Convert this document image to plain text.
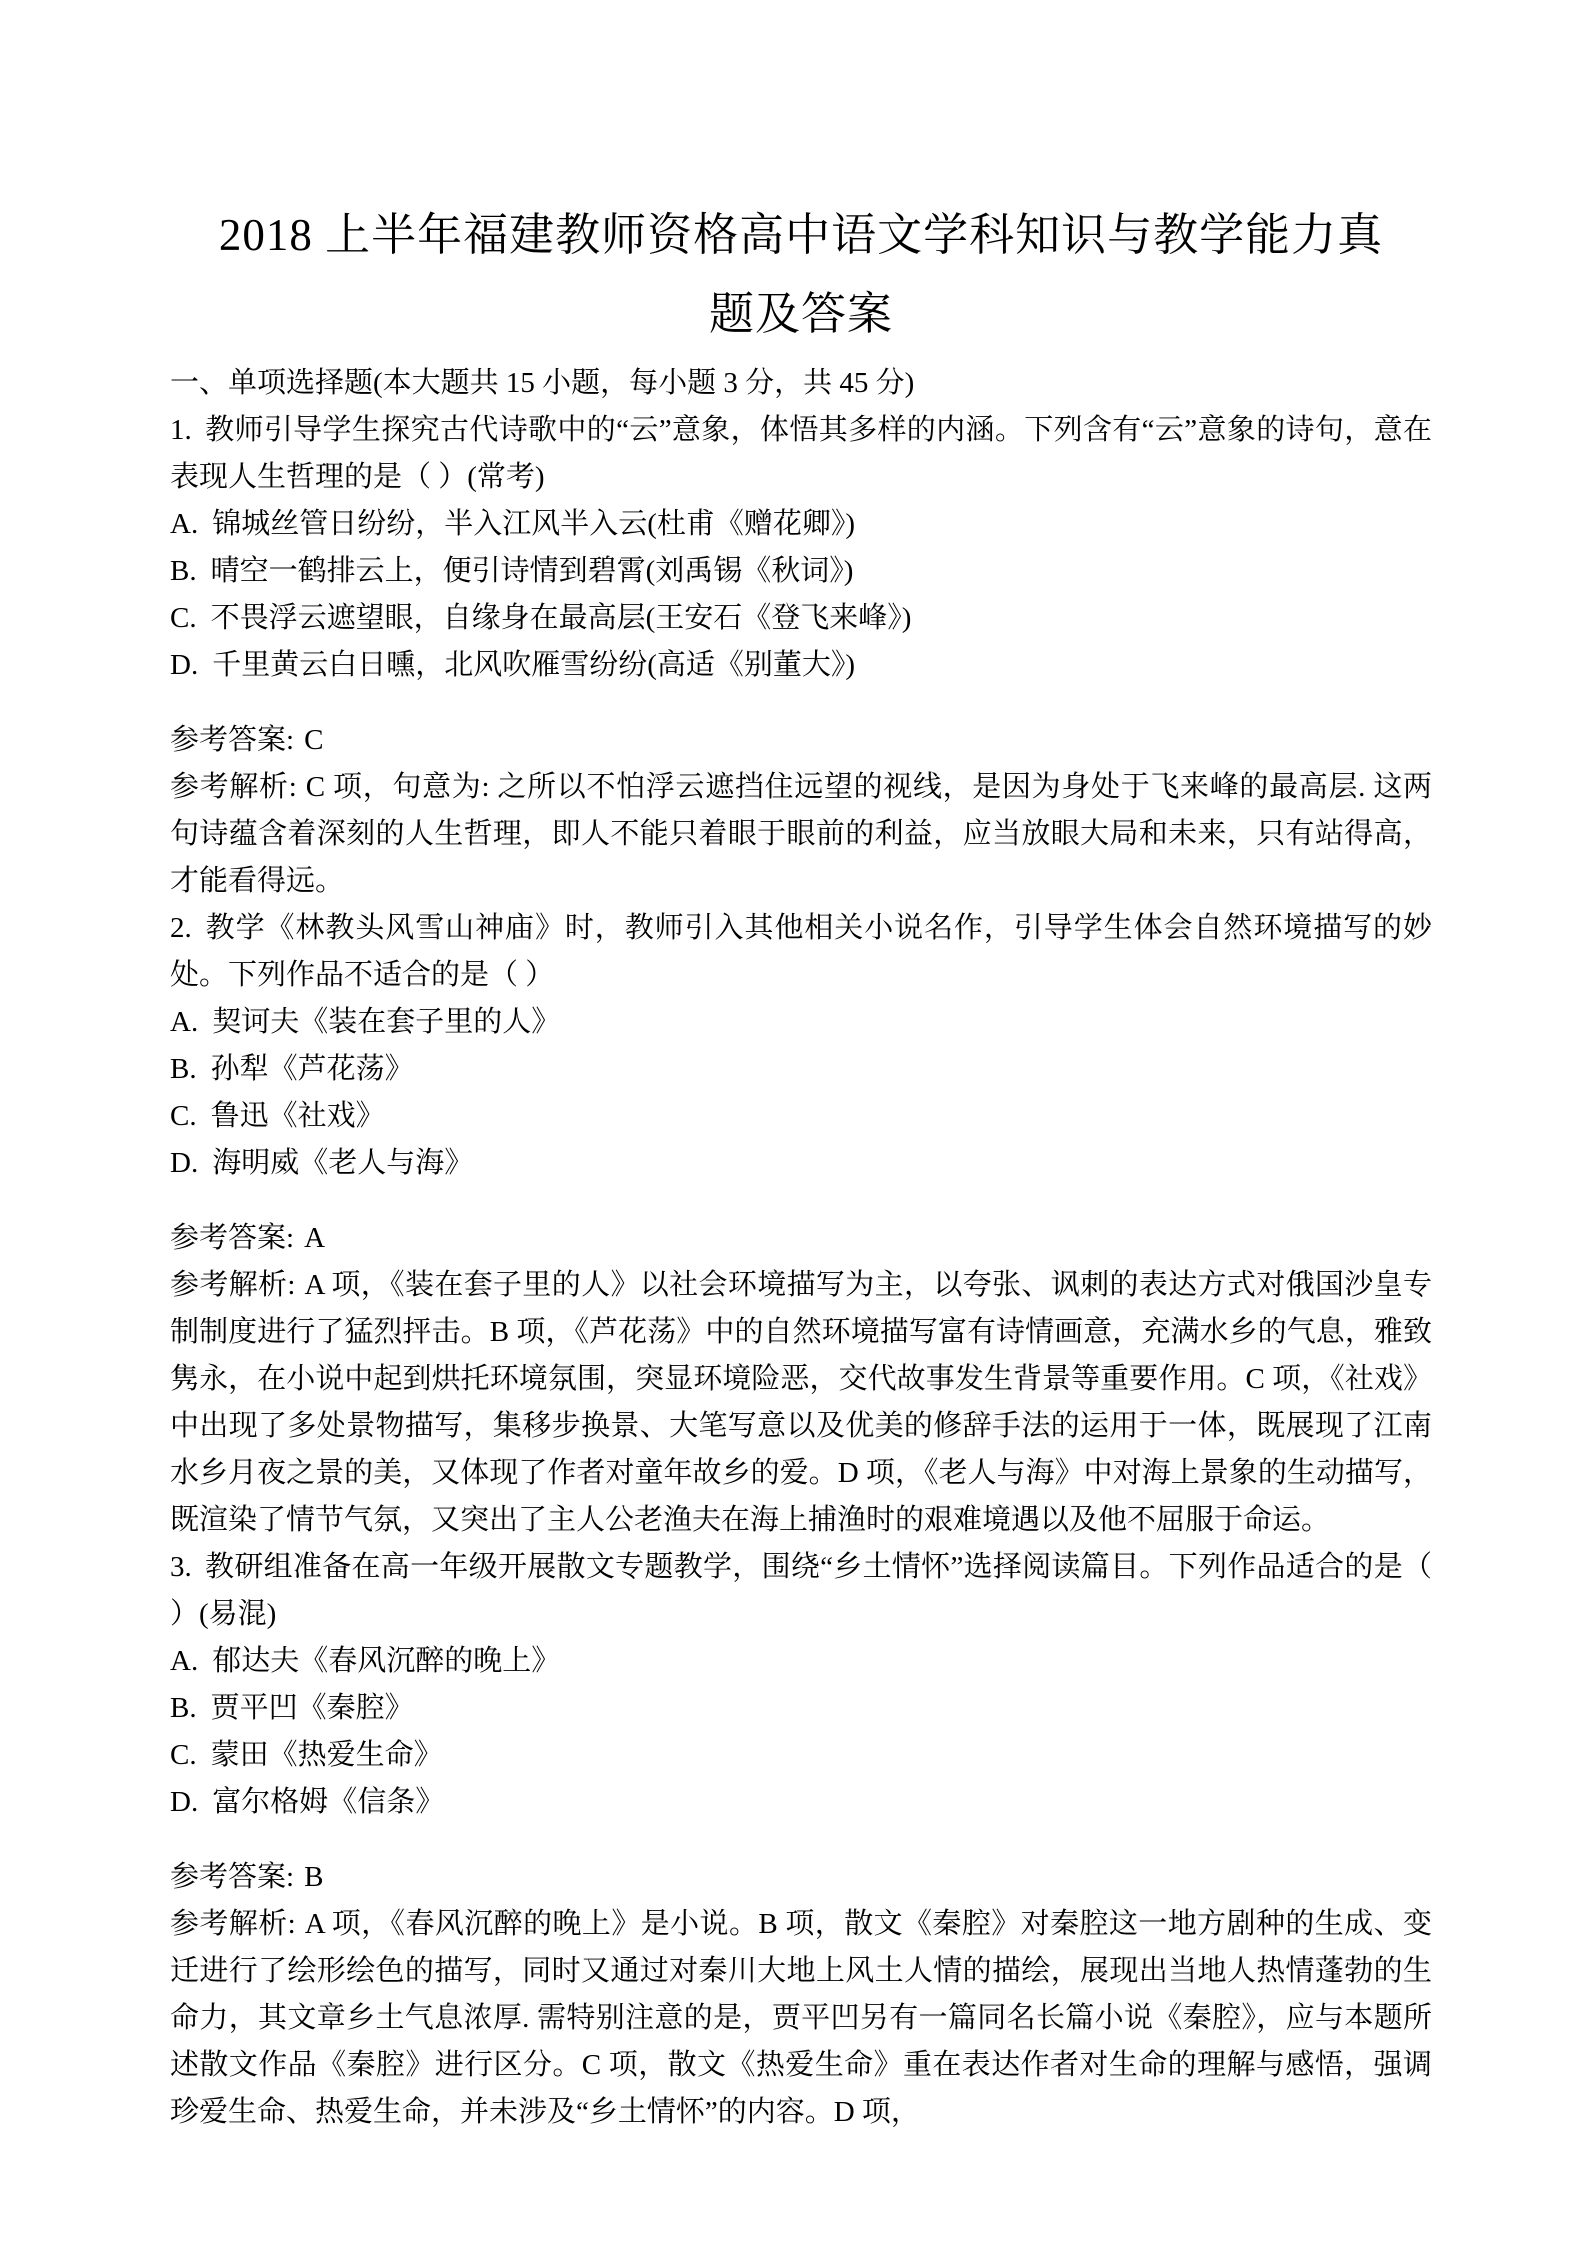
2018 上半年福建教师资格高中语文学科知识与教学能力真
题及答案

一、单项选择题(本大题共 15 小题，每小题 3 分，共 45 分)

1. 教师引导学生探究古代诗歌中的“云”意象，体悟其多样的内涵。下列含有“云”意象的诗句，意在表现人生哲理的是（ ）(常考)

A. 锦城丝管日纷纷，半入江风半入云(杜甫《赠花卿》)

B. 晴空一鹤排云上，便引诗情到碧霄(刘禹锡《秋词》)

C. 不畏浮云遮望眼，自缘身在最高层(王安石《登飞来峰》)

D. 千里黄云白日曛，北风吹雁雪纷纷(高适《别董大》)

参考答案: C

参考解析: C 项，句意为: 之所以不怕浮云遮挡住远望的视线，是因为身处于飞来峰的最高层. 这两句诗蕴含着深刻的人生哲理，即人不能只着眼于眼前的利益，应当放眼大局和未来，只有站得高，才能看得远。

2. 教学《林教头风雪山神庙》时，教师引入其他相关小说名作，引导学生体会自然环境描写的妙处。下列作品不适合的是（ ）

A. 契诃夫《装在套子里的人》

B. 孙犁《芦花荡》

C. 鲁迅《社戏》

D. 海明威《老人与海》

参考答案: A

参考解析: A 项，《装在套子里的人》以社会环境描写为主，以夸张、讽刺的表达方式对俄国沙皇专制制度进行了猛烈抨击。B 项，《芦花荡》中的自然环境描写富有诗情画意，充满水乡的气息，雅致隽永，在小说中起到烘托环境氛围，突显环境险恶，交代故事发生背景等重要作用。C 项，《社戏》中出现了多处景物描写，集移步换景、大笔写意以及优美的修辞手法的运用于一体，既展现了江南水乡月夜之景的美，又体现了作者对童年故乡的爱。D 项，《老人与海》中对海上景象的生动描写，既渲染了情节气氛，又突出了主人公老渔夫在海上捕渔时的艰难境遇以及他不屈服于命运。

3. 教研组准备在高一年级开展散文专题教学，围绕“乡土情怀”选择阅读篇目。下列作品适合的是（ ）(易混)

A. 郁达夫《春风沉醉的晚上》

B. 贾平凹《秦腔》

C. 蒙田《热爱生命》

D. 富尔格姆《信条》

参考答案: B

参考解析: A 项，《春风沉醉的晚上》是小说。B 项，散文《秦腔》对秦腔这一地方剧种的生成、变迁进行了绘形绘色的描写，同时又通过对秦川大地上风土人情的描绘，展现出当地人热情蓬勃的生命力，其文章乡土气息浓厚. 需特别注意的是，贾平凹另有一篇同名长篇小说《秦腔》，应与本题所述散文作品《秦腔》进行区分。C 项，散文《热爱生命》重在表达作者对生命的理解与感悟，强调珍爱生命、热爱生命，并未涉及“乡土情怀”的内容。D 项，
